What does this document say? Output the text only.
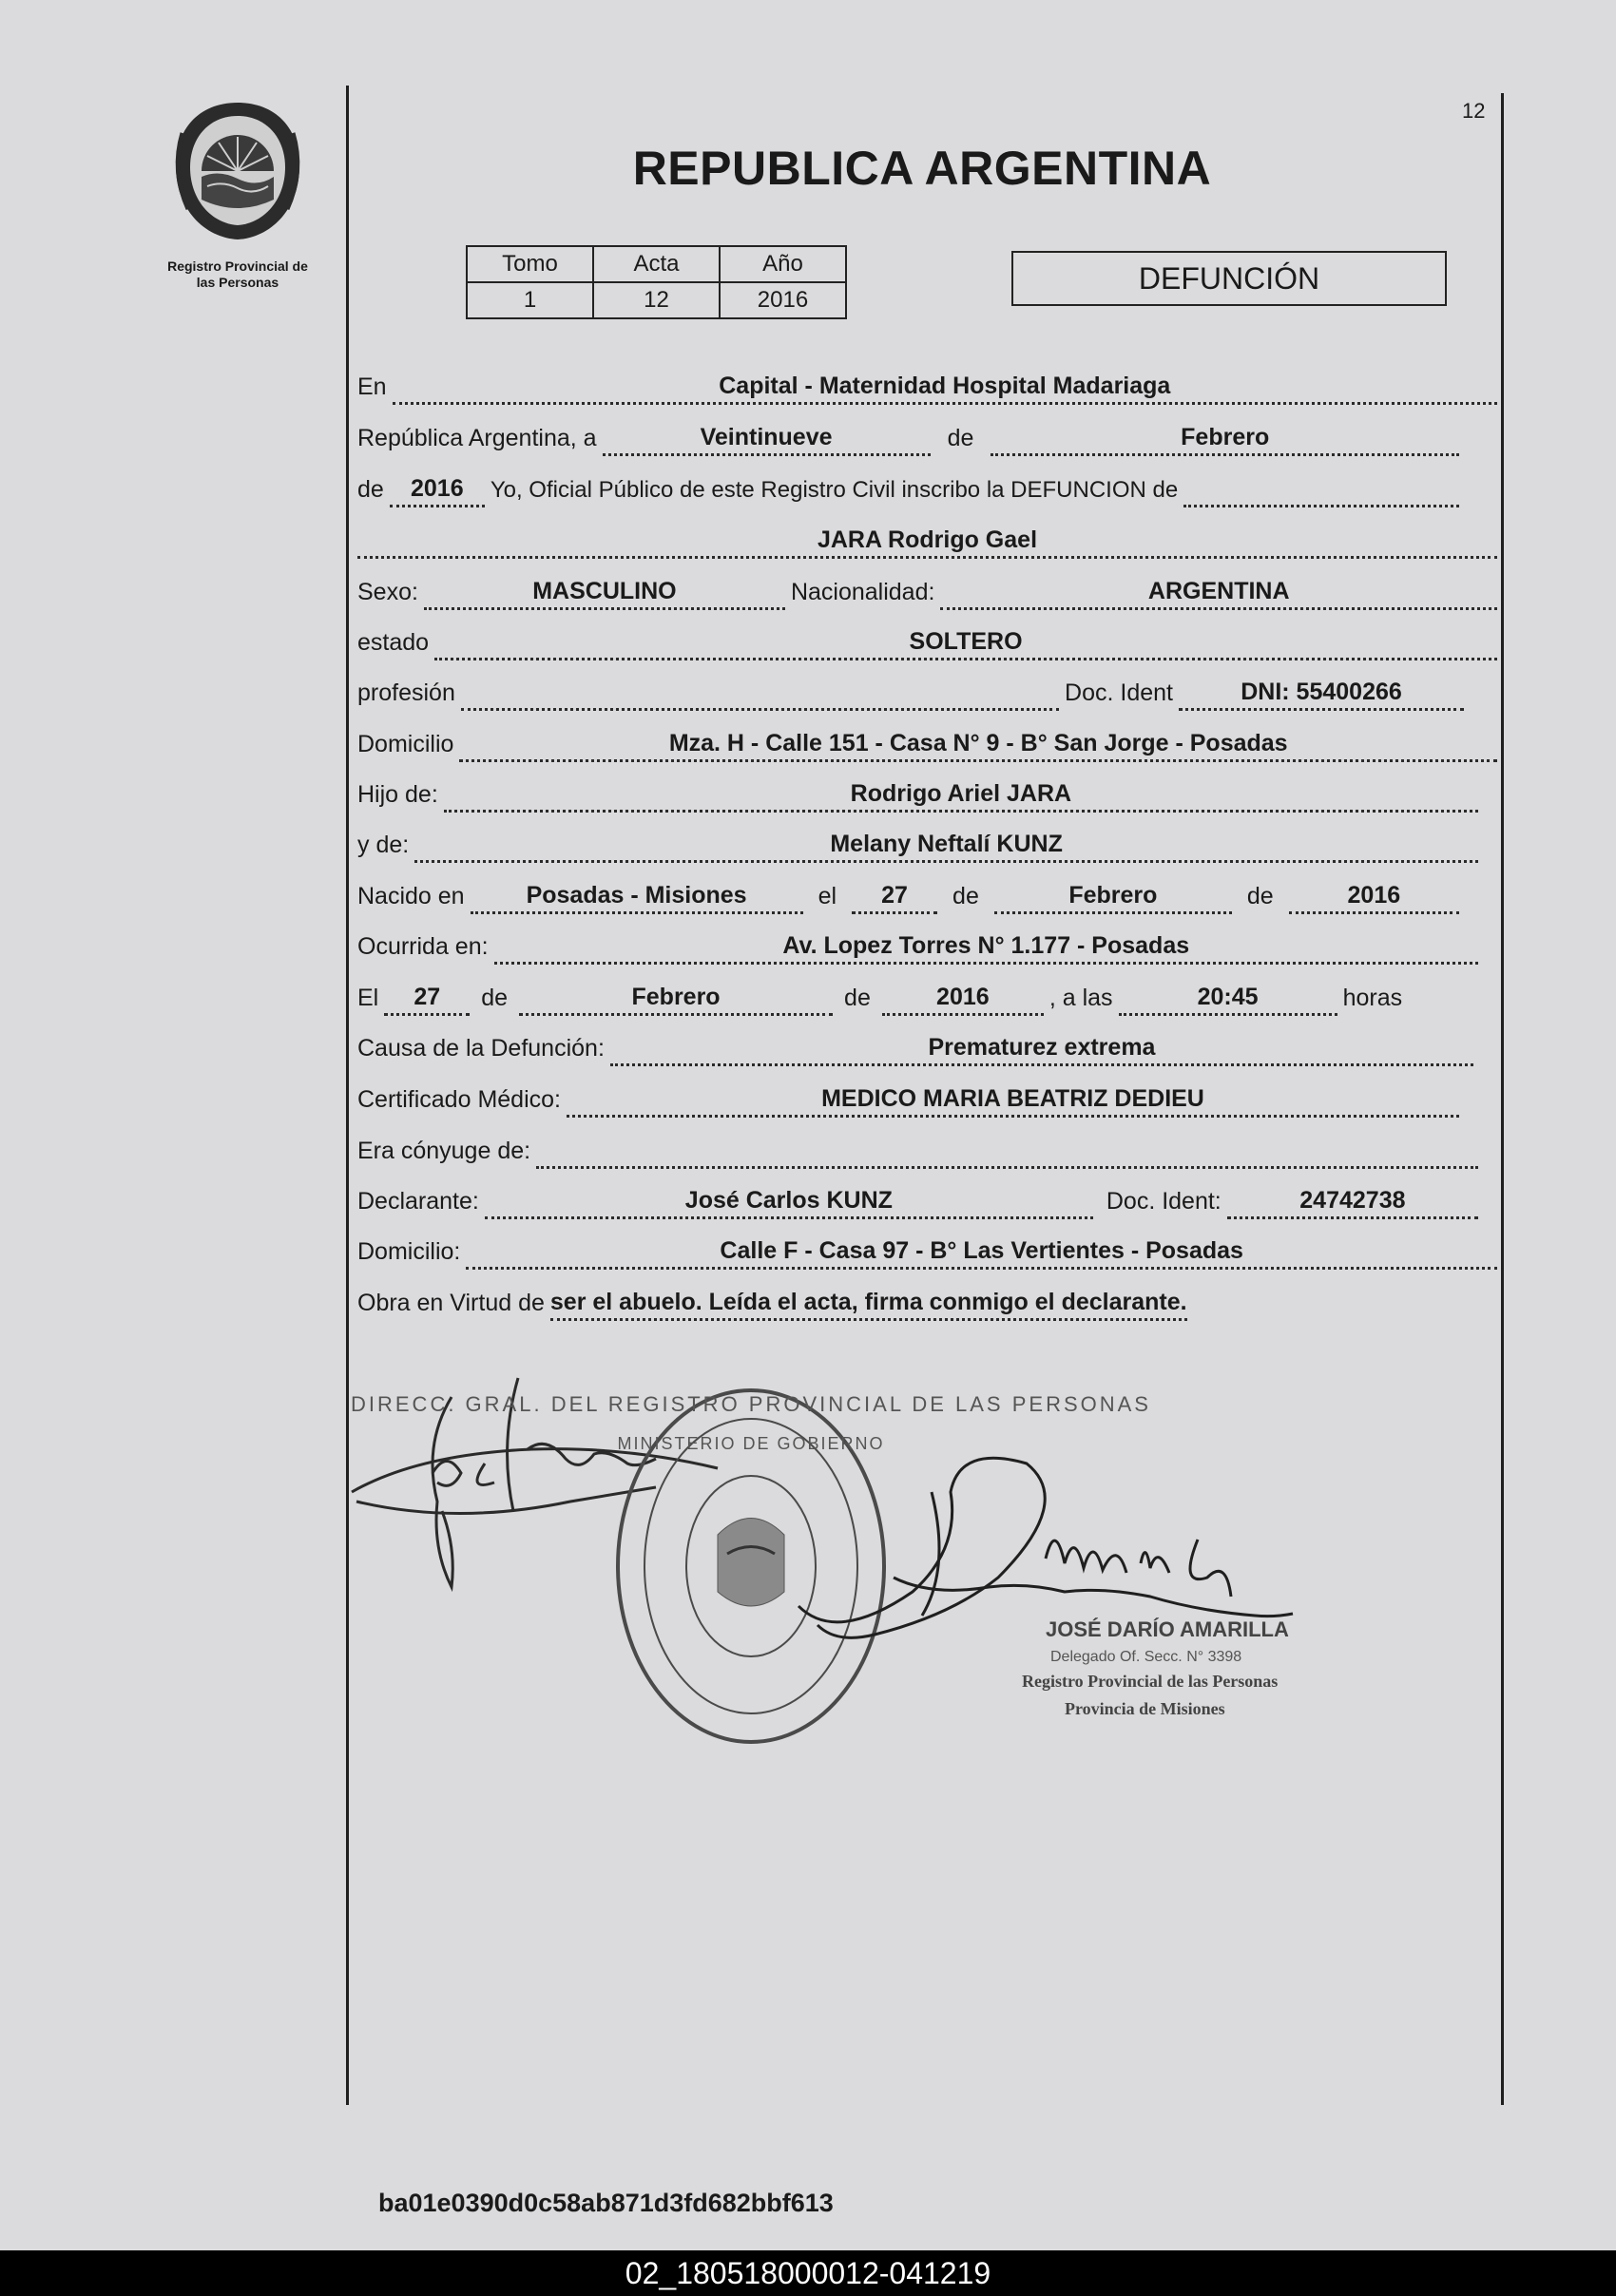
Registro Provincial de
las Personas
12
REPUBLICA ARGENTINA
Tomo	Acta	Año
1	12	2016
DEFUNCIÓN
En	Capital - Maternidad Hospital Madariaga
República Argentina, a	Veintinueve	de	Febrero
de	2016	Yo, Oficial Público de este Registro Civil inscribo la DEFUNCION de
JARA Rodrigo Gael
Sexo:	MASCULINO	Nacionalidad:	ARGENTINA
estado	SOLTERO
profesión	Doc. Ident	DNI: 55400266
Domicilio	Mza. H - Calle 151 - Casa N° 9 - B° San Jorge - Posadas
Hijo de:	Rodrigo Ariel JARA
y de:	Melany Neftalí KUNZ
Nacido en	Posadas - Misiones	el	27	de	Febrero	de	2016
Ocurrida en:	Av. Lopez Torres N° 1.177 - Posadas
El	27	de	Febrero	de	2016	, a las	20:45	horas
Causa de la Defunción:	Prematurez extrema
Certificado Médico:	MEDICO MARIA BEATRIZ DEDIEU
Era cónyuge de:
Declarante:	José Carlos KUNZ	Doc. Ident:	24742738
Domicilio:	Calle F - Casa 97 - B° Las Vertientes - Posadas
Obra en Virtud de ser el abuelo. Leída el acta, firma conmigo el declarante.
DIRECC. GRAL. DEL REGISTRO PROVINCIAL DE LAS PERSONAS
MINISTERIO DE GOBIERNO
JOSÉ DARÍO AMARILLA
Delegado Of. Secc. N° 3398
Registro Provincial de las Personas
Provincia de Misiones
ba01e0390d0c58ab871d3fd682bbf613
02_180518000012-041219
